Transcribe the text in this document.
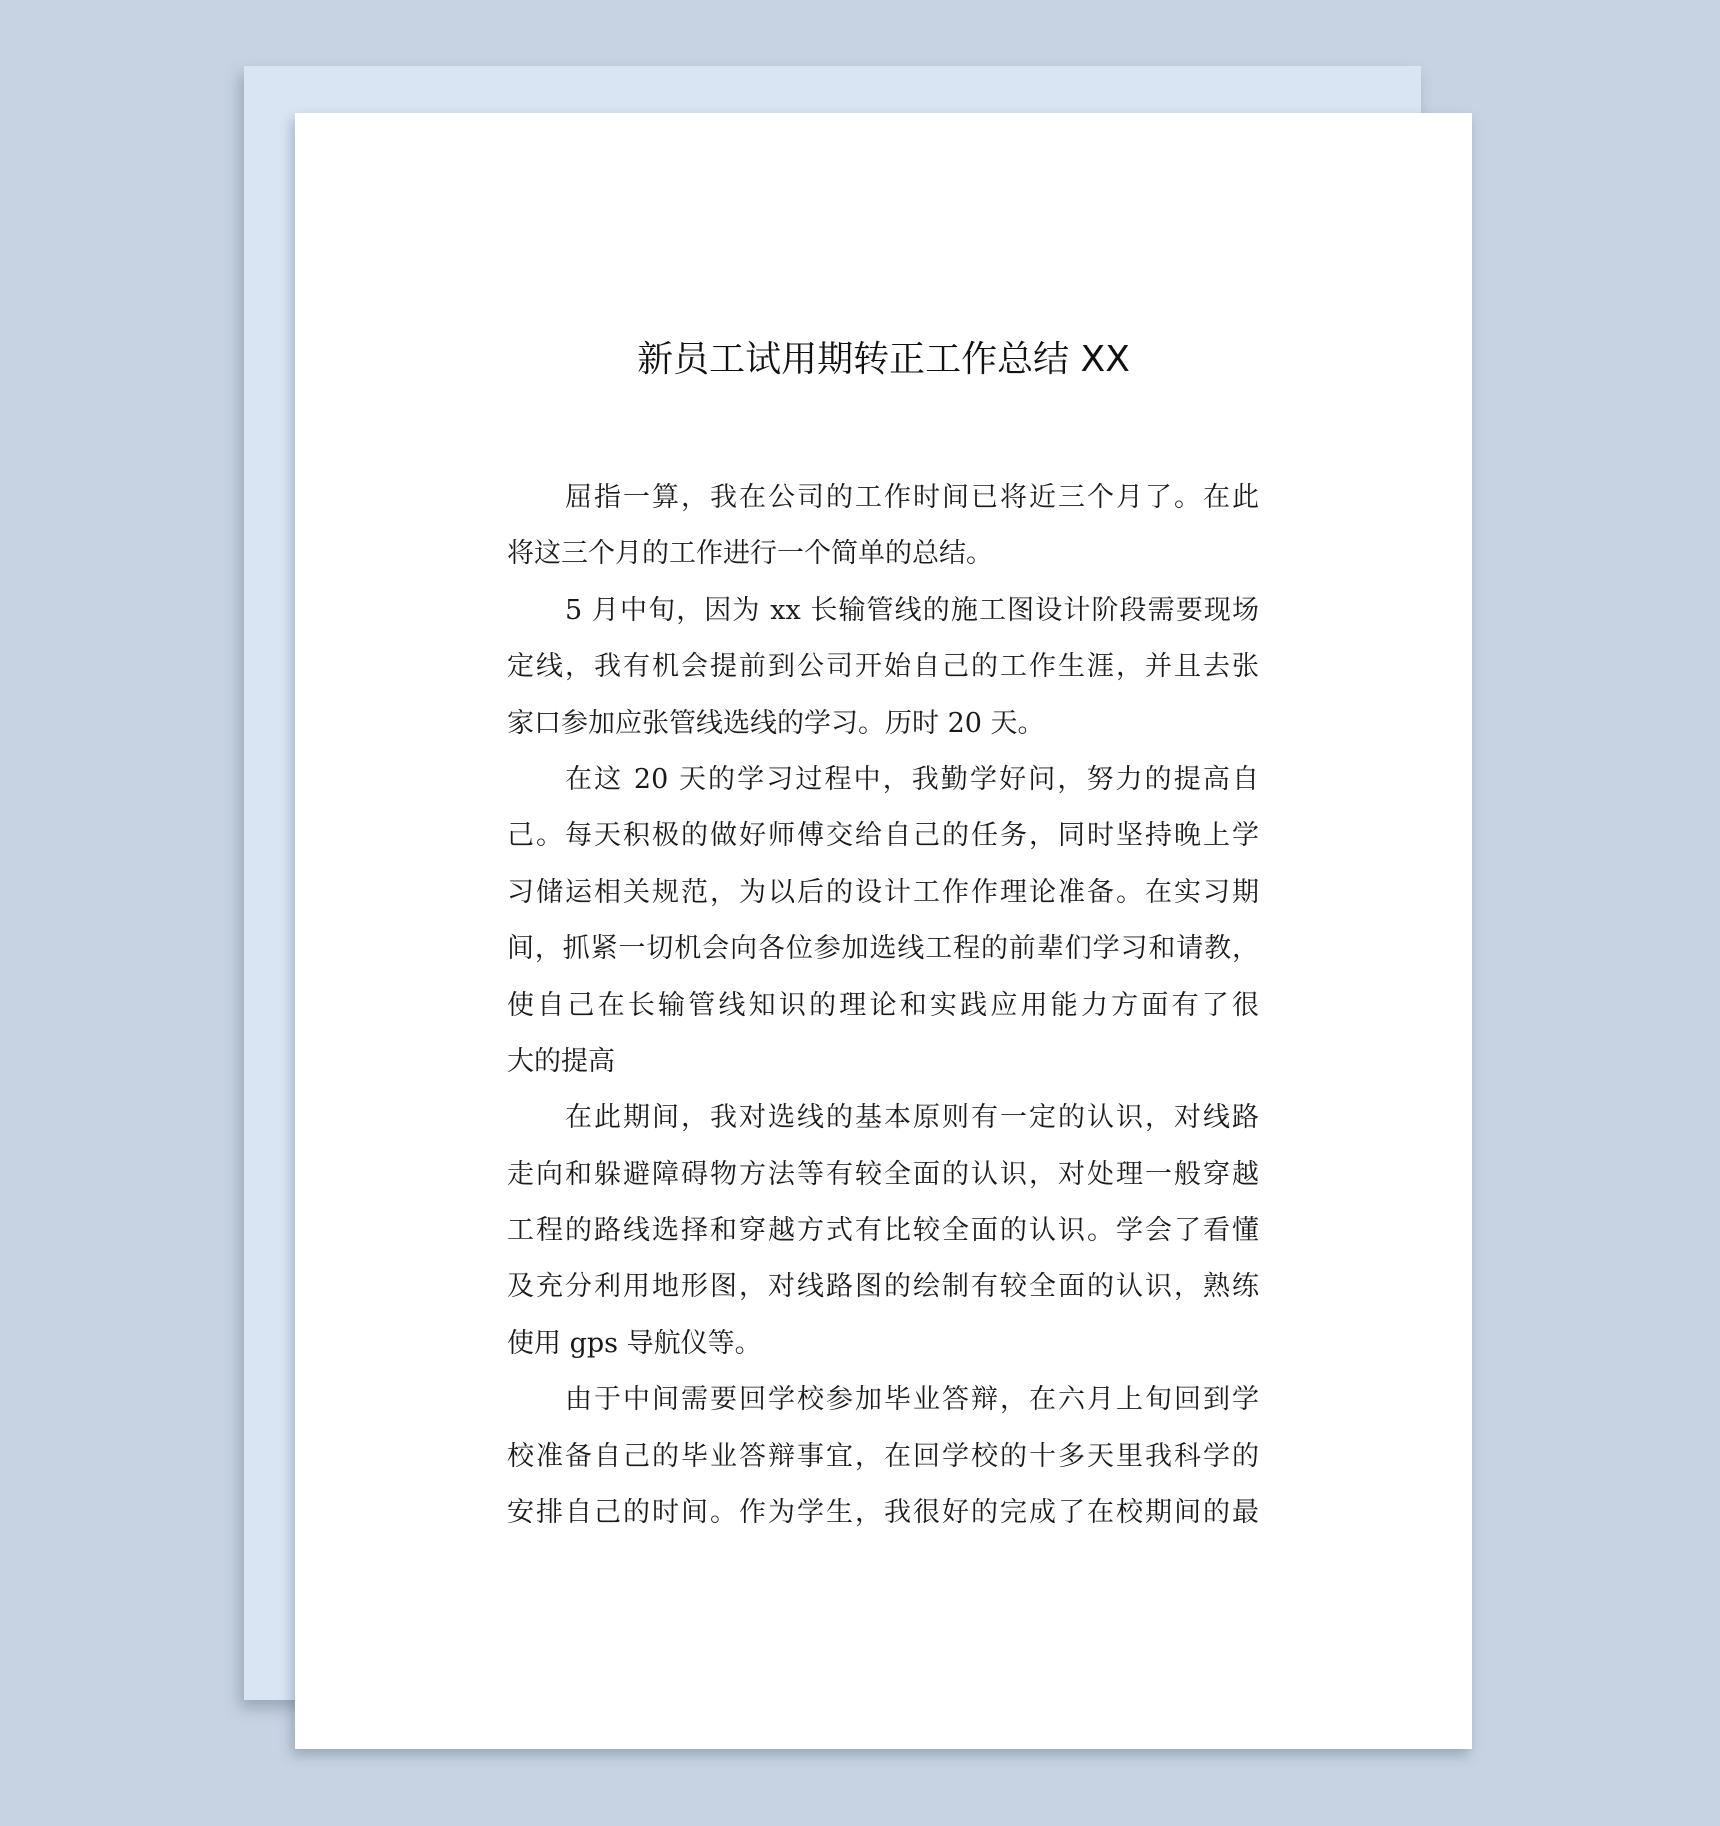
新员工试用期转正工作总结 XX
屈指一算，我在公司的工作时间已将近三个月了。在此
将这三个月的工作进行一个简单的总结。
5 月中旬，因为 xx 长输管线的施工图设计阶段需要现场
定线，我有机会提前到公司开始自己的工作生涯，并且去张
家口参加应张管线选线的学习。历时 20 天。
在这 20 天的学习过程中，我勤学好问，努力的提高自
己。每天积极的做好师傅交给自己的任务，同时坚持晚上学
习储运相关规范，为以后的设计工作作理论准备。在实习期
间，抓紧一切机会向各位参加选线工程的前辈们学习和请教，
使自己在长输管线知识的理论和实践应用能力方面有了很
大的提高
在此期间，我对选线的基本原则有一定的认识，对线路
走向和躲避障碍物方法等有较全面的认识，对处理一般穿越
工程的路线选择和穿越方式有比较全面的认识。学会了看懂
及充分利用地形图，对线路图的绘制有较全面的认识，熟练
使用 gps 导航仪等。
由于中间需要回学校参加毕业答辩，在六月上旬回到学
校准备自己的毕业答辩事宜，在回学校的十多天里我科学的
安排自己的时间。作为学生，我很好的完成了在校期间的最
